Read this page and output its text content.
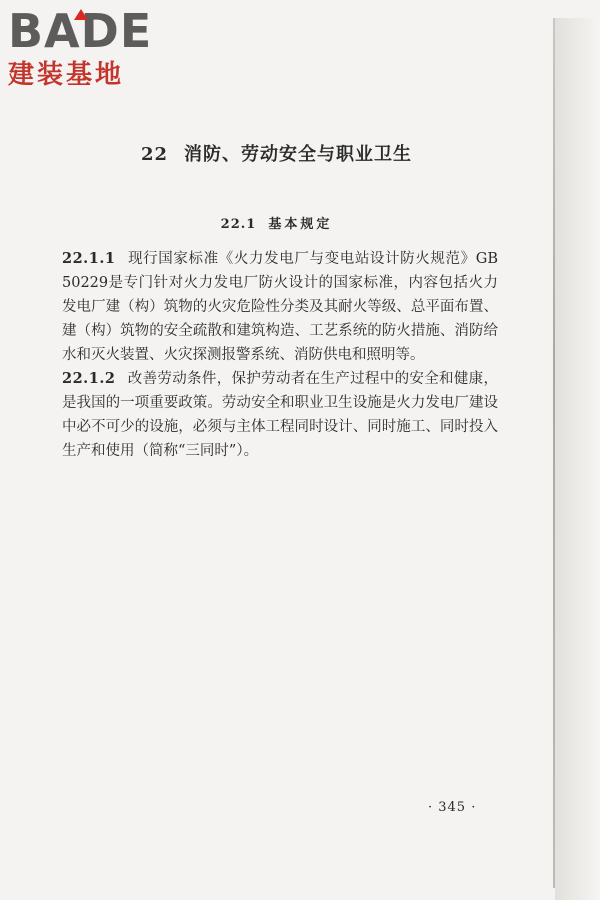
BADE
建装基地
22 消防、劳动安全与职业卫生
22.1 基本规定

22.1.1 现行国家标准《火力发电厂与变电站设计防火规范》GB 50229是专门针对火力发电厂防火设计的国家标准，内容包括火力发电厂建（构）筑物的火灾危险性分类及其耐火等级、总平面布置、建（构）筑物的安全疏散和建筑构造、工艺系统的防火措施、消防给水和灭火装置、火灾探测报警系统、消防供电和照明等。

22.1.2 改善劳动条件，保护劳动者在生产过程中的安全和健康，是我国的一项重要政策。劳动安全和职业卫生设施是火力发电厂建设中必不可少的设施，必须与主体工程同时设计、同时施工、同时投入生产和使用（简称“三同时”）。

· 345 ·
